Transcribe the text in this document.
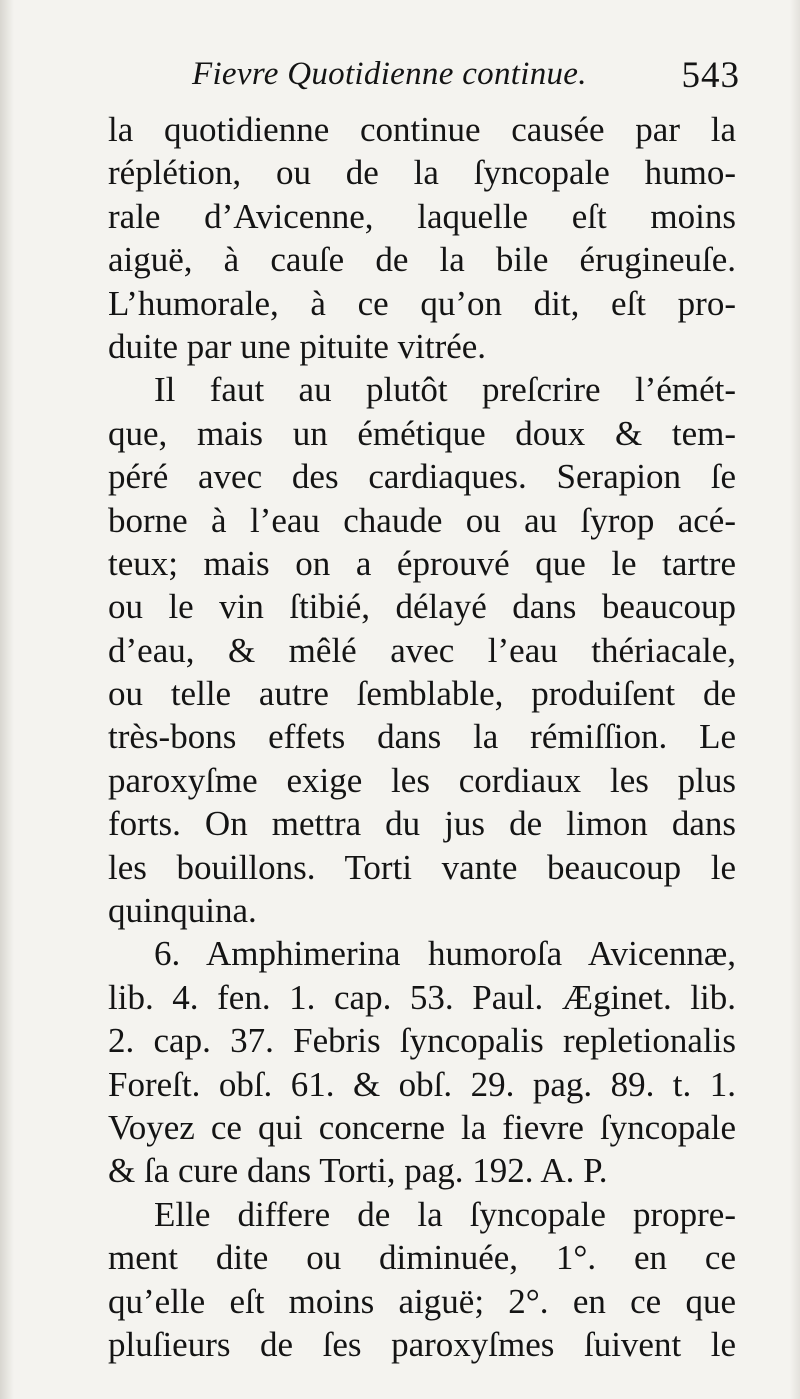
Fievre Quotidienne continue.	543
la quotidienne continue causée par la
réplétion, ou de la ſyncopale humo-
rale d’Avicenne, laquelle eſt moins
aiguë, à cauſe de la bile érugineuſe.
L’humorale, à ce qu’on dit, eſt pro-
duite par une pituite vitrée.
Il faut au plutôt preſcrire l’émét-
que, mais un émétique doux & tem-
péré avec des cardiaques. Serapion ſe
borne à l’eau chaude ou au ſyrop acé-
teux; mais on a éprouvé que le tartre
ou le vin ſtibié, délayé dans beaucoup
d’eau, & mêlé avec l’eau thériacale,
ou telle autre ſemblable, produiſent de
très-bons effets dans la rémiſſion. Le
paroxyſme exige les cordiaux les plus
forts. On mettra du jus de limon dans
les bouillons. Torti vante beaucoup le
quinquina.
6. Amphimerina humoroſa Avicennæ,
lib. 4. fen. 1. cap. 53. Paul. Æginet. lib.
2. cap. 37. Febris ſyncopalis repletionalis
Foreſt. obſ. 61. & obſ. 29. pag. 89. t. 1.
Voyez ce qui concerne la fievre ſyncopale
& ſa cure dans Torti, pag. 192. A. P.
Elle differe de la ſyncopale propre-
ment dite ou diminuée, 1°. en ce
qu’elle eſt moins aiguë; 2°. en ce que
pluſieurs de ſes paroxyſmes ſuivent le
